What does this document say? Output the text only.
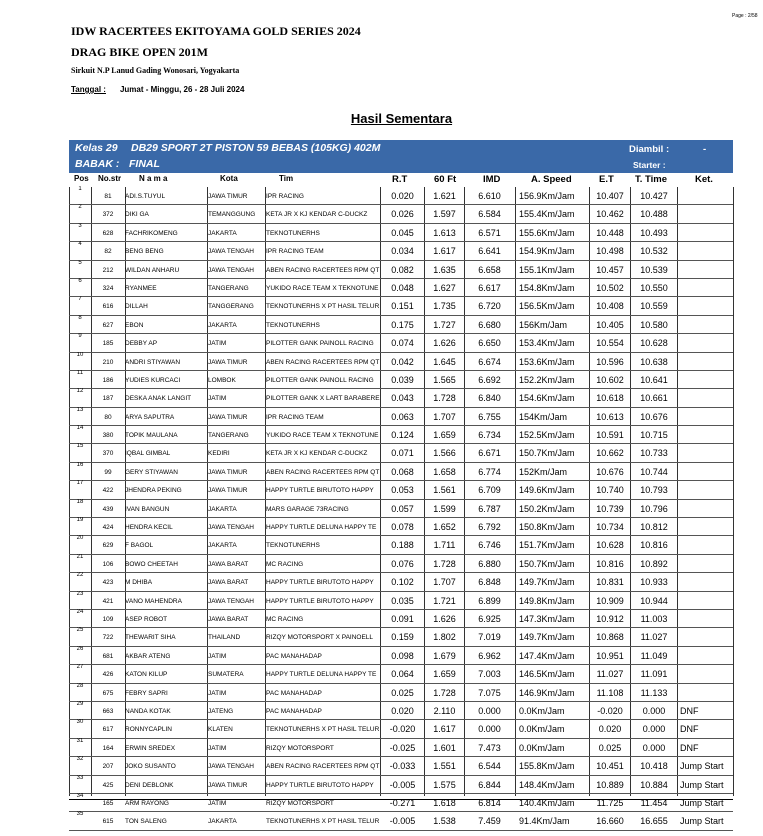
Page : 2/58
IDW RACERTEES EKITOYAMA GOLD SERIES 2024
DRAG BIKE OPEN 201M
Sirkuit N.P Lanud Gading Wonosari, Yogyakarta
Tanggal : Jumat - Minggu, 26 - 28 Juli 2024
Hasil Sementara
Kelas 29 DB29 SPORT 2T PISTON 59 BEBAS (105KG) 402M
BABAK : FINAL
Diambil :	-
Starter :
Pos No.str N a m a	Kota	Tim	R.T	60 Ft	IMD	A. Speed	E.T T. Time	Ket.
1
81	ADI.S.TUYUL	JAWA TIMUR	IPR RACING	0.020	1.621	6.610	156.9Km/Jam	10.407	10.427
2
372	DIKI GA	TEMANGGUNG	KETA JR X KJ KENDAR C-DUCKZ	0.026	1.597	6.584	155.4Km/Jam	10.462	10.488
3
628	FACHRIKOMENG	JAKARTA	TEKNOTUNERHS	0.045	1.613	6.571	155.6Km/Jam	10.448	10.493
4
82	BENG BENG	JAWA TENGAH	IPR RACING TEAM	0.034	1.617	6.641	154.9Km/Jam	10.498	10.532
5
212	WILDAN ANHARU	JAWA TENGAH	ABEN RACING RACERTEES RPM QT	0.082	1.635	6.658	155.1Km/Jam	10.457	10.539
6
324	RYANMEE	TANGERANG	YUKIDO RACE TEAM X TEKNOTUNE	0.048	1.627	6.617	154.8Km/Jam	10.502	10.550
7
616	DILLAH	TANGGERANG	TEKNOTUNERHS X PT HASIL TELUR	0.151	1.735	6.720	156.5Km/Jam	10.408	10.559
8
627	EBON	JAKARTA	TEKNOTUNERHS	0.175	1.727	6.680	156Km/Jam	10.405	10.580
9
185	DEBBY AP	JATIM	PILOTTER GANK PAINOLL RACING	0.074	1.626	6.650	153.4Km/Jam	10.554	10.628
10
210	ANDRI STIYAWAN	JAWA TIMUR	ABEN RACING RACERTEES RPM QT	0.042	1.645	6.674	153.6Km/Jam	10.596	10.638
11
186	YUDIES KURCACI	LOMBOK	PILOTTER GANK PAINOLL RACING	0.039	1.565	6.692	152.2Km/Jam	10.602	10.641
12
187	DESKA ANAK LANGIT	JATIM	PILOTTER GANK X LART BARABERE	0.043	1.728	6.840	154.6Km/Jam	10.618	10.661
13
80	ARYA SAPUTRA	JAWA TIMUR	IPR RACING TEAM	0.063	1.707	6.755	154Km/Jam	10.613	10.676
14
380	TOPIK MAULANA	TANGERANG	YUKIDO RACE TEAM X TEKNOTUNE	0.124	1.659	6.734	152.5Km/Jam	10.591	10.715
15
370	IQBAL GIMBAL	KEDIRI	KETA JR X KJ KENDAR C-DUCKZ	0.071	1.566	6.671	150.7Km/Jam	10.662	10.733
16
99	GERY STIYAWAN	JAWA TIMUR	ABEN RACING RACERTEES RPM QT	0.068	1.658	6.774	152Km/Jam	10.676	10.744
17
422	JHENDRA PEKING	JAWA TIMUR	HAPPY TURTLE BIRUTOTO HAPPY	0.053	1.561	6.709	149.6Km/Jam	10.740	10.793
18
439	IVAN BANGUN	JAKARTA	MARS GARAGE 73RACING	0.057	1.599	6.787	150.2Km/Jam	10.739	10.796
19
424	HENDRA KECIL	JAWA TENGAH	HAPPY TURTLE DELUNA HAPPY TE	0.078	1.652	6.792	150.8Km/Jam	10.734	10.812
20
629	F BAGOL	JAKARTA	TEKNOTUNERHS	0.188	1.711	6.746	151.7Km/Jam	10.628	10.816
21
106	BOWO CHEETAH	JAWA BARAT	MC RACING	0.076	1.728	6.880	150.7Km/Jam	10.816	10.892
22
423	M DHIBA	JAWA BARAT	HAPPY TURTLE BIRUTOTO HAPPY	0.102	1.707	6.848	149.7Km/Jam	10.831	10.933
23
421	VANO MAHENDRA	JAWA TENGAH	HAPPY TURTLE BIRUTOTO HAPPY	0.035	1.721	6.899	149.8Km/Jam	10.909	10.944
24
109	ASEP ROBOT	JAWA BARAT	MC RACING	0.091	1.626	6.925	147.3Km/Jam	10.912	11.003
25
722	THEWARIT SIHA	THAILAND	RIZQY MOTORSPORT X PAINOELL	0.159	1.802	7.019	149.7Km/Jam	10.868	11.027
26
681	AKBAR ATENG	JATIM	PAC MANAHADAP	0.098	1.679	6.962	147.4Km/Jam	10.951	11.049
27
426	KATON KILUP	SUMATERA	HAPPY TURTLE DELUNA HAPPY TE	0.064	1.659	7.003	146.5Km/Jam	11.027	11.091
28
675	FEBRY SAPRI	JATIM	PAC MANAHADAP	0.025	1.728	7.075	146.9Km/Jam	11.108	11.133
29
663	NANDA KOTAK	JATENG	PAC MANAHADAP	0.020	2.110	0.000	0.0Km/Jam	-0.020	0.000	DNF
30
617	RONNYCAPLIN	KLATEN	TEKNOTUNERHS X PT HASIL TELUR	-0.020	1.617	0.000	0.0Km/Jam	0.020	0.000	DNF
31
164	ERWIN SREDEX	JATIM	RIZQY MOTORSPORT	-0.025	1.601	7.473	0.0Km/Jam	0.025	0.000	DNF
32
207	JOKO SUSANTO	JAWA TENGAH	ABEN RACING RACERTEES RPM QT	-0.033	1.551	6.544	155.8Km/Jam	10.451	10.418	Jump Start
33
425	DENI DEBLONK	JAWA TIMUR	HAPPY TURTLE BIRUTOTO HAPPY	-0.005	1.575	6.844	148.4Km/Jam	10.889	10.884	Jump Start
34
165	ARM RAYONG	JATIM	RIZQY MOTORSPORT	-0.271	1.618	6.814	140.4Km/Jam	11.725	11.454	Jump Start
35
615	TON SALENG	JAKARTA	TEKNOTUNERHS X PT HASIL TELUR	-0.005	1.538	7.459	91.4Km/Jam	16.660	16.655	Jump Start
